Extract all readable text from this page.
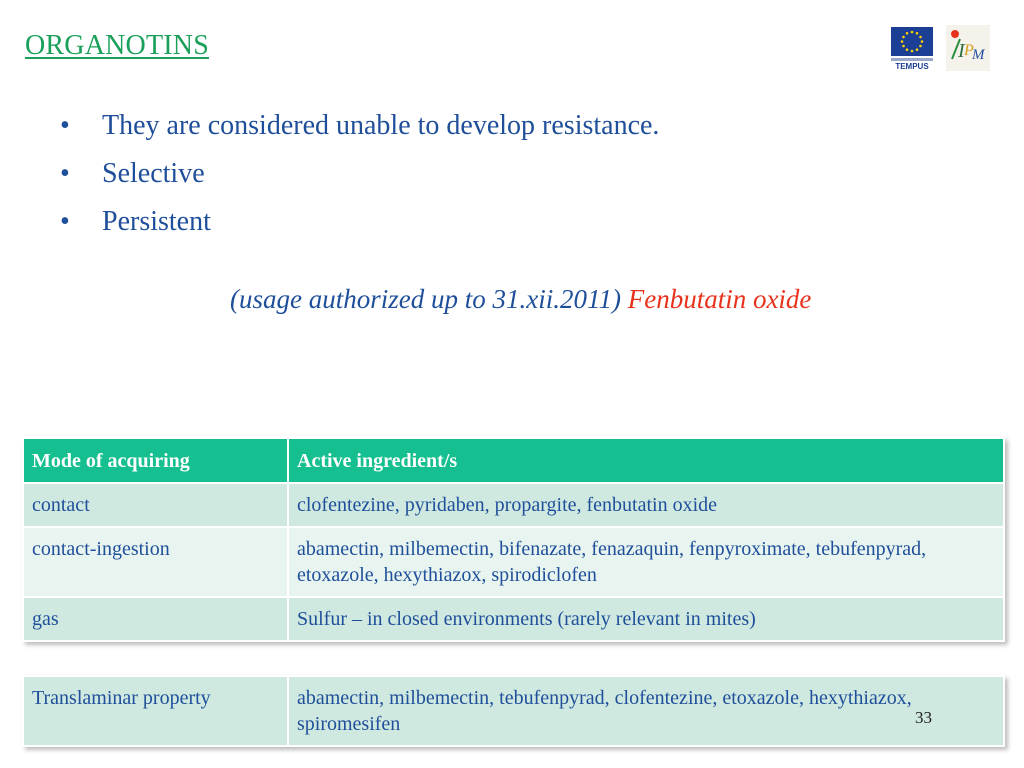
ORGANOTINS
TEMPUS
I P
M
• They are considered unable to develop resistance.
• Selective
• Persistent
(usage authorized up to 31.xii.2011) Fenbutatin oxide
Mode of acquiring	Active ingredient/s
contact	clofentezine, pyridaben, propargite, fenbutatin oxide
contact-ingestion	abamectin, milbemectin, bifenazate, fenazaquin, fenpyroximate, tebufenpyrad, etoxazole, hexythiazox, spirodiclofen
gas	Sulfur – in closed environments (rarely relevant in mites)
Translaminar property	abamectin, milbemectin, tebufenpyrad, clofentezine, etoxazole, hexythiazox, spiromesifen	33
